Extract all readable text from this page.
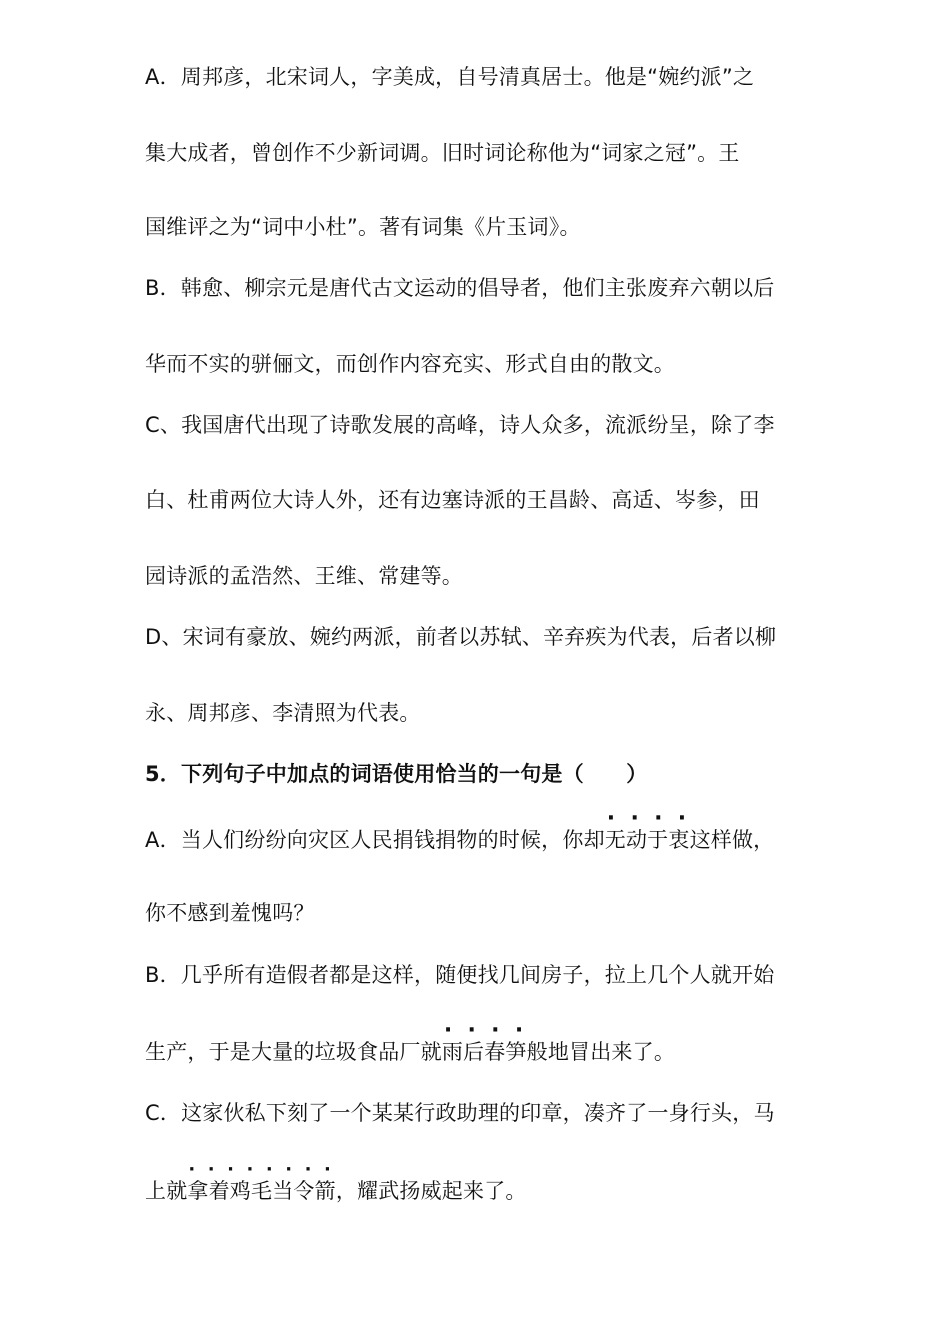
A．周邦彦，北宋词人，字美成，自号清真居士。他是“婉约派”之
集大成者，曾创作不少新词调。旧时词论称他为“词家之冠”。王
国维评之为“词中小杜”。著有词集《片玉词》。
B．韩愈、柳宗元是唐代古文运动的倡导者，他们主张废弃六朝以后
华而不实的骈俪文，而创作内容充实、形式自由的散文。
C、我国唐代出现了诗歌发展的高峰，诗人众多，流派纷呈，除了李
白、杜甫两位大诗人外，还有边塞诗派的王昌龄、高适、岑参，田
园诗派的孟浩然、王维、常建等。
D、宋词有豪放、婉约两派，前者以苏轼、辛弃疾为代表，后者以柳
永、周邦彦、李清照为代表。
5．下列句子中加点的词语使用恰当的一句是（　　）
A．当人们纷纷向灾区人民捐钱捐物的时候，你却· · 无动于衷这样做，
你不感到羞愧吗？
B．几乎所有造假者都是这样，随便找几间房子，拉上几个人就开始
生产，于是大量的垃圾食品厂就· · 雨后春笋般地冒出来了。
C．这家伙私下刻了一个某某行政助理的印章，凑齐了一身行头，马
上就· · 拿着鸡毛当令箭，耀武扬威起来了。
